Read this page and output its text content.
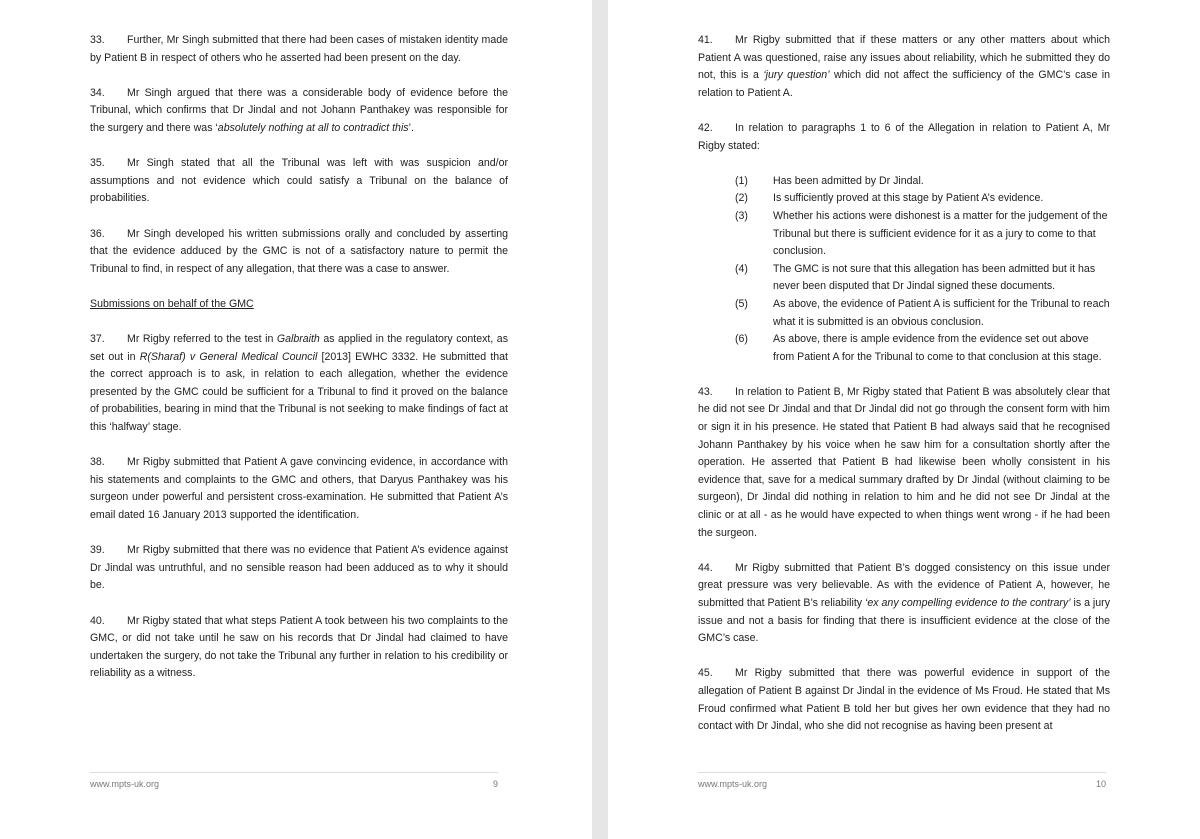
33. Further, Mr Singh submitted that there had been cases of mistaken identity made by Patient B in respect of others who he asserted had been present on the day.

34. Mr Singh argued that there was a considerable body of evidence before the Tribunal, which confirms that Dr Jindal and not Johann Panthakey was responsible for the surgery and there was ‘absolutely nothing at all to contradict this’.

35. Mr Singh stated that all the Tribunal was left with was suspicion and/or assumptions and not evidence which could satisfy a Tribunal on the balance of probabilities.

36. Mr Singh developed his written submissions orally and concluded by asserting that the evidence adduced by the GMC is not of a satisfactory nature to permit the Tribunal to find, in respect of any allegation, that there was a case to answer.

Submissions on behalf of the GMC

37. Mr Rigby referred to the test in Galbraith as applied in the regulatory context, as set out in R(Sharaf) v General Medical Council [2013] EWHC 3332. He submitted that the correct approach is to ask, in relation to each allegation, whether the evidence presented by the GMC could be sufficient for a Tribunal to find it proved on the balance of probabilities, bearing in mind that the Tribunal is not seeking to make findings of fact at this ‘halfway’ stage.

38. Mr Rigby submitted that Patient A gave convincing evidence, in accordance with his statements and complaints to the GMC and others, that Daryus Panthakey was his surgeon under powerful and persistent cross-examination. He submitted that Patient A’s email dated 16 January 2013 supported the identification.

39. Mr Rigby submitted that there was no evidence that Patient A’s evidence against Dr Jindal was untruthful, and no sensible reason had been adduced as to why it should be.

40. Mr Rigby stated that what steps Patient A took between his two complaints to the GMC, or did not take until he saw on his records that Dr Jindal had claimed to have undertaken the surgery, do not take the Tribunal any further in relation to his credibility or reliability as a witness.

www.mpts-uk.org	9

41. Mr Rigby submitted that if these matters or any other matters about which Patient A was questioned, raise any issues about reliability, which he submitted they do not, this is a ‘jury question’ which did not affect the sufficiency of the GMC’s case in relation to Patient A.

42. In relation to paragraphs 1 to 6 of the Allegation in relation to Patient A, Mr Rigby stated:

(1)	Has been admitted by Dr Jindal.
(2)	Is sufficiently proved at this stage by Patient A’s evidence.
(3)	Whether his actions were dishonest is a matter for the judgement of the Tribunal but there is sufficient evidence for it as a jury to come to that conclusion.
(4)	The GMC is not sure that this allegation has been admitted but it has never been disputed that Dr Jindal signed these documents.
(5)	As above, the evidence of Patient A is sufficient for the Tribunal to reach what it is submitted is an obvious conclusion.
(6)	As above, there is ample evidence from the evidence set out above from Patient A for the Tribunal to come to that conclusion at this stage.

43. In relation to Patient B, Mr Rigby stated that Patient B was absolutely clear that he did not see Dr Jindal and that Dr Jindal did not go through the consent form with him or sign it in his presence. He stated that Patient B had always said that he recognised Johann Panthakey by his voice when he saw him for a consultation shortly after the operation. He asserted that Patient B had likewise been wholly consistent in his evidence that, save for a medical summary drafted by Dr Jindal (without claiming to be surgeon), Dr Jindal did nothing in relation to him and he did not see Dr Jindal at the clinic or at all - as he would have expected to when things went wrong - if he had been the surgeon.

44. Mr Rigby submitted that Patient B’s dogged consistency on this issue under great pressure was very believable. As with the evidence of Patient A, however, he submitted that Patient B’s reliability ‘ex any compelling evidence to the contrary’ is a jury issue and not a basis for finding that there is insufficient evidence at the close of the GMC’s case.

45. Mr Rigby submitted that there was powerful evidence in support of the allegation of Patient B against Dr Jindal in the evidence of Ms Froud. He stated that Ms Froud confirmed what Patient B told her but gives her own evidence that they had no contact with Dr Jindal, who she did not recognise as having been present at

www.mpts-uk.org	10
